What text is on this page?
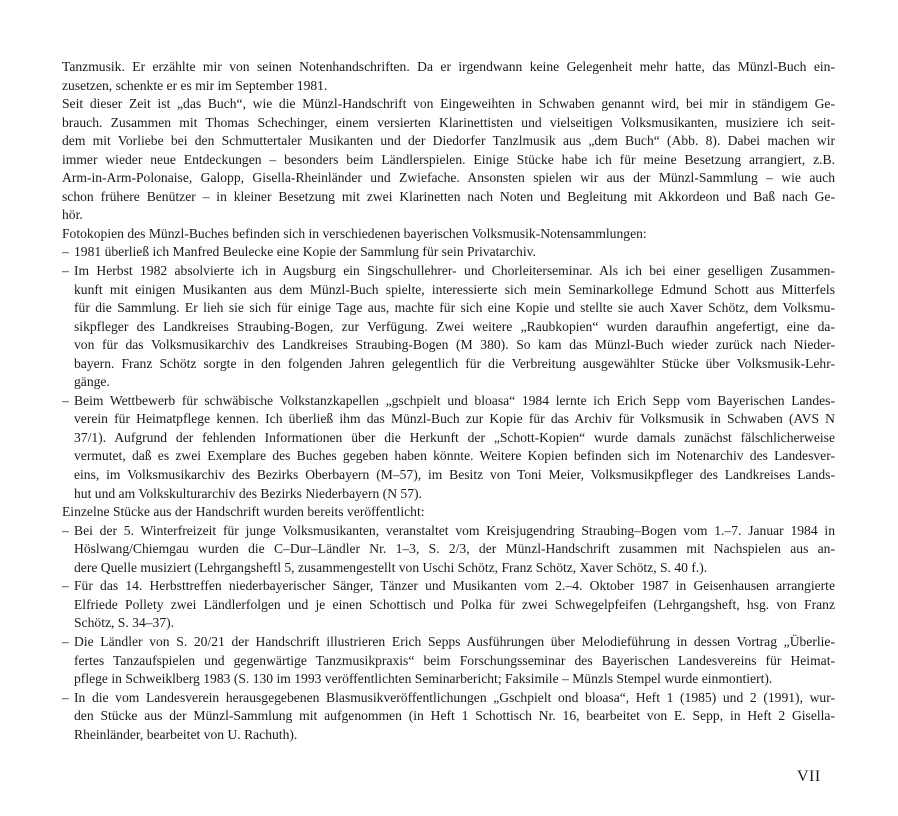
Tanzmusik. Er erzählte mir von seinen Notenhandschriften. Da er irgendwann keine Gelegenheit mehr hatte, das Münzl-Buch ein-
zusetzen, schenkte er es mir im September 1981.

Seit dieser Zeit ist „das Buch“, wie die Münzl-Handschrift von Eingeweihten in Schwaben genannt wird, bei mir in ständigem Ge-
brauch. Zusammen mit Thomas Schechinger, einem versierten Klarinettisten und vielseitigen Volksmusikanten, musiziere ich seit-
dem mit Vorliebe bei den Schmuttertaler Musikanten und der Diedorfer Tanzlmusik aus „dem Buch“ (Abb. 8). Dabei machen wir
immer wieder neue Entdeckungen – besonders beim Ländlerspielen. Einige Stücke habe ich für meine Besetzung arrangiert, z.B.
Arm-in-Arm-Polonaise, Galopp, Gisella-Rheinländer und Zwiefache. Ansonsten spielen wir aus der Münzl-Sammlung – wie auch
schon frühere Benützer – in kleiner Besetzung mit zwei Klarinetten nach Noten und Begleitung mit Akkordeon und Baß nach Ge-
hör.

Fotokopien des Münzl-Buches befinden sich in verschiedenen bayerischen Volksmusik-Notensammlungen:

– 1981 überließ ich Manfred Beulecke eine Kopie der Sammlung für sein Privatarchiv.
– Im Herbst 1982 absolvierte ich in Augsburg ein Singschullehrer- und Chorleiterseminar. Als ich bei einer geselligen Zusammen-
kunft mit einigen Musikanten aus dem Münzl-Buch spielte, interessierte sich mein Seminarkollege Edmund Schott aus Mitterfels
für die Sammlung. Er lieh sie sich für einige Tage aus, machte für sich eine Kopie und stellte sie auch Xaver Schötz, dem Volksmu-
sikpfleger des Landkreises Straubing-Bogen, zur Verfügung. Zwei weitere „Raubkopien“ wurden daraufhin angefertigt, eine da-
von für das Volksmusikarchiv des Landkreises Straubing-Bogen (M 380). So kam das Münzl-Buch wieder zurück nach Nieder-
bayern. Franz Schötz sorgte in den folgenden Jahren gelegentlich für die Verbreitung ausgewählter Stücke über Volksmusik-Lehr-
gänge.
– Beim Wettbewerb für schwäbische Volkstanzkapellen „gschpielt und bloasa“ 1984 lernte ich Erich Sepp vom Bayerischen Landes-
verein für Heimatpflege kennen. Ich überließ ihm das Münzl-Buch zur Kopie für das Archiv für Volksmusik in Schwaben (AVS N
37/1). Aufgrund der fehlenden Informationen über die Herkunft der „Schott-Kopien“ wurde damals zunächst fälschlicherweise
vermutet, daß es zwei Exemplare des Buches gegeben haben könnte. Weitere Kopien befinden sich im Notenarchiv des Landesver-
eins, im Volksmusikarchiv des Bezirks Oberbayern (M–57), im Besitz von Toni Meier, Volksmusikpfleger des Landkreises Lands-
hut und am Volkskulturarchiv des Bezirks Niederbayern (N 57).

Einzelne Stücke aus der Handschrift wurden bereits veröffentlicht:

– Bei der 5. Winterfreizeit für junge Volksmusikanten, veranstaltet vom Kreisjugendring Straubing–Bogen vom 1.–7. Januar 1984 in
Höslwang/Chiemgau wurden die C–Dur–Ländler Nr. 1–3, S. 2/3, der Münzl-Handschrift zusammen mit Nachspielen aus an-
dere Quelle musiziert (Lehrgangsheftl 5, zusammengestellt von Uschi Schötz, Franz Schötz, Xaver Schötz, S. 40 f.).
– Für das 14. Herbsttreffen niederbayerischer Sänger, Tänzer und Musikanten vom 2.–4. Oktober 1987 in Geisenhausen arrangierte
Elfriede Pollety zwei Ländlerfolgen und je einen Schottisch und Polka für zwei Schwegelpfeifen (Lehrgangsheft, hsg. von Franz
Schötz, S. 34–37).
– Die Ländler von S. 20/21 der Handschrift illustrieren Erich Sepps Ausführungen über Melodieführung in dessen Vortrag „Überlie-
fertes Tanzaufspielen und gegenwärtige Tanzmusikpraxis“ beim Forschungsseminar des Bayerischen Landesvereins für Heimat-
pflege in Schweiklberg 1983 (S. 130 im 1993 veröffentlichten Seminarbericht; Faksimile – Münzls Stempel wurde einmontiert).
– In die vom Landesverein herausgegebenen Blasmusikveröffentlichungen „Gschpielt ond bloasa“, Heft 1 (1985) und 2 (1991), wur-
den Stücke aus der Münzl-Sammlung mit aufgenommen (in Heft 1 Schottisch Nr. 16, bearbeitet von E. Sepp, in Heft 2 Gisella-
Rheinländer, bearbeitet von U. Rachuth).
VII
